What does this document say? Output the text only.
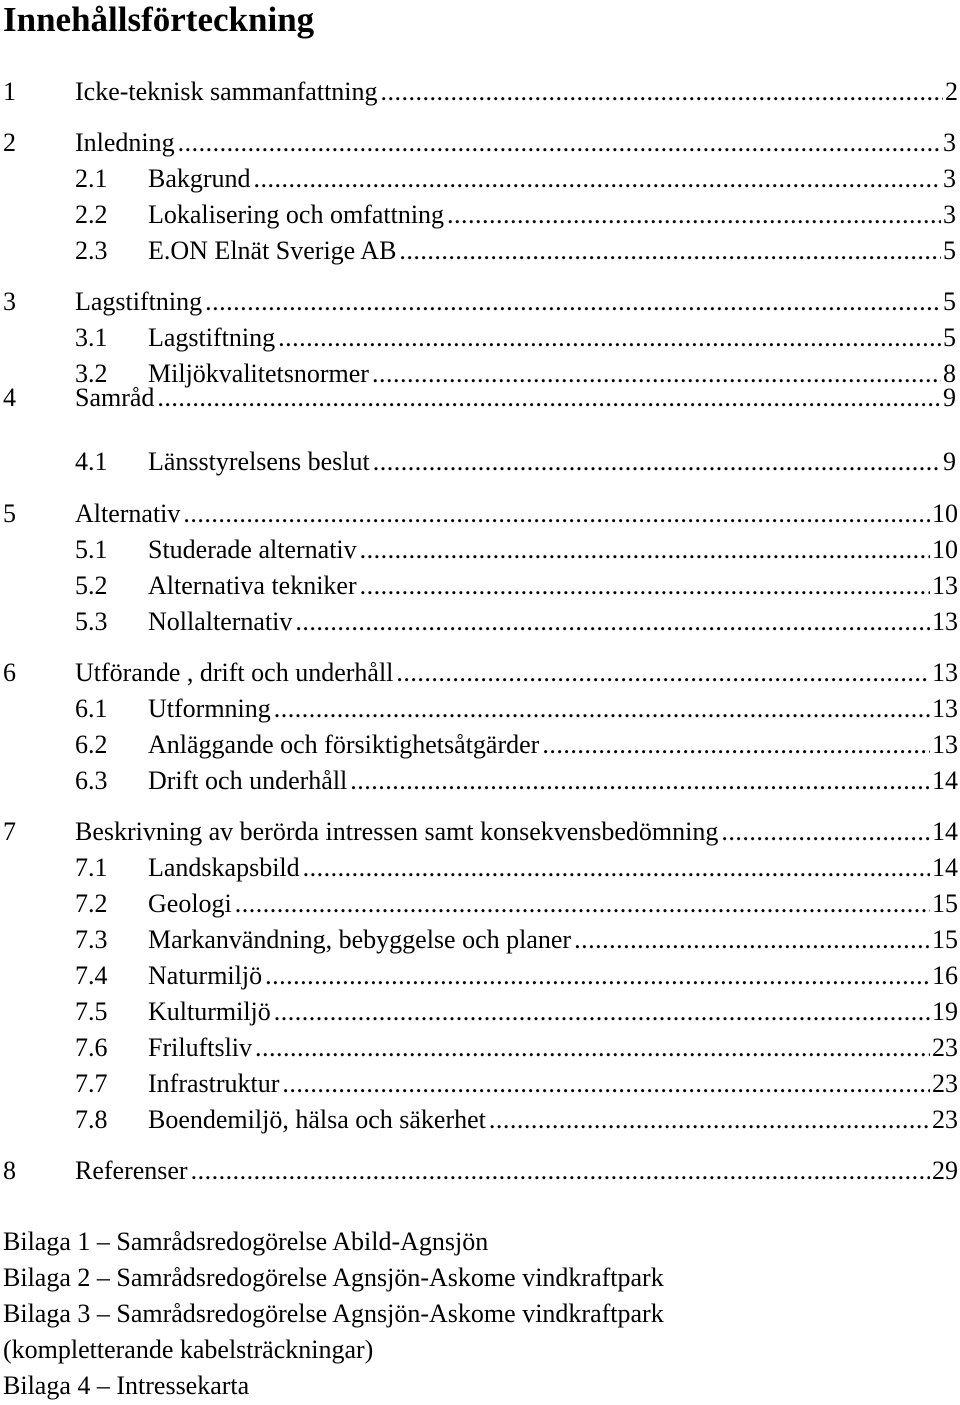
Innehållsförteckning
1	Icke-teknisk sammanfattning .....	2
2	Inledning .....	3
2.1	Bakgrund .....	3
2.2	Lokalisering och omfattning .....	3
2.3	E.ON Elnät Sverige AB .....	5
3	Lagstiftning .....	5
3.1	Lagstiftning .....	5
3.2	Miljökvalitetsnormer .....	8
4	Samråd .....	9
4.1	Länsstyrelsens beslut .....	9
5	Alternativ .....	10
5.1	Studerade alternativ .....	10
5.2	Alternativa tekniker .....	13
5.3	Nollalternativ .....	13
6	Utförande , drift och underhåll .....	13
6.1	Utformning .....	13
6.2	Anläggande och försiktighetsåtgärder .....	13
6.3	Drift och underhåll .....	14
7	Beskrivning av berörda intressen samt konsekvensbedömning .....	14
7.1	Landskapsbild .....	14
7.2	Geologi .....	15
7.3	Markanvändning, bebyggelse och planer .....	15
7.4	Naturmiljö .....	16
7.5	Kulturmiljö .....	19
7.6	Friluftsliv .....	23
7.7	Infrastruktur .....	23
7.8	Boendemiljö, hälsa och säkerhet .....	23
8	Referenser .....	29
Bilaga 1 – Samrådsredogörelse Abild-Agnsjön
Bilaga 2 – Samrådsredogörelse Agnsjön-Askome vindkraftpark
Bilaga 3 – Samrådsredogörelse Agnsjön-Askome vindkraftpark
(kompletterande kabelsträckningar)
Bilaga 4 – Intressekarta
